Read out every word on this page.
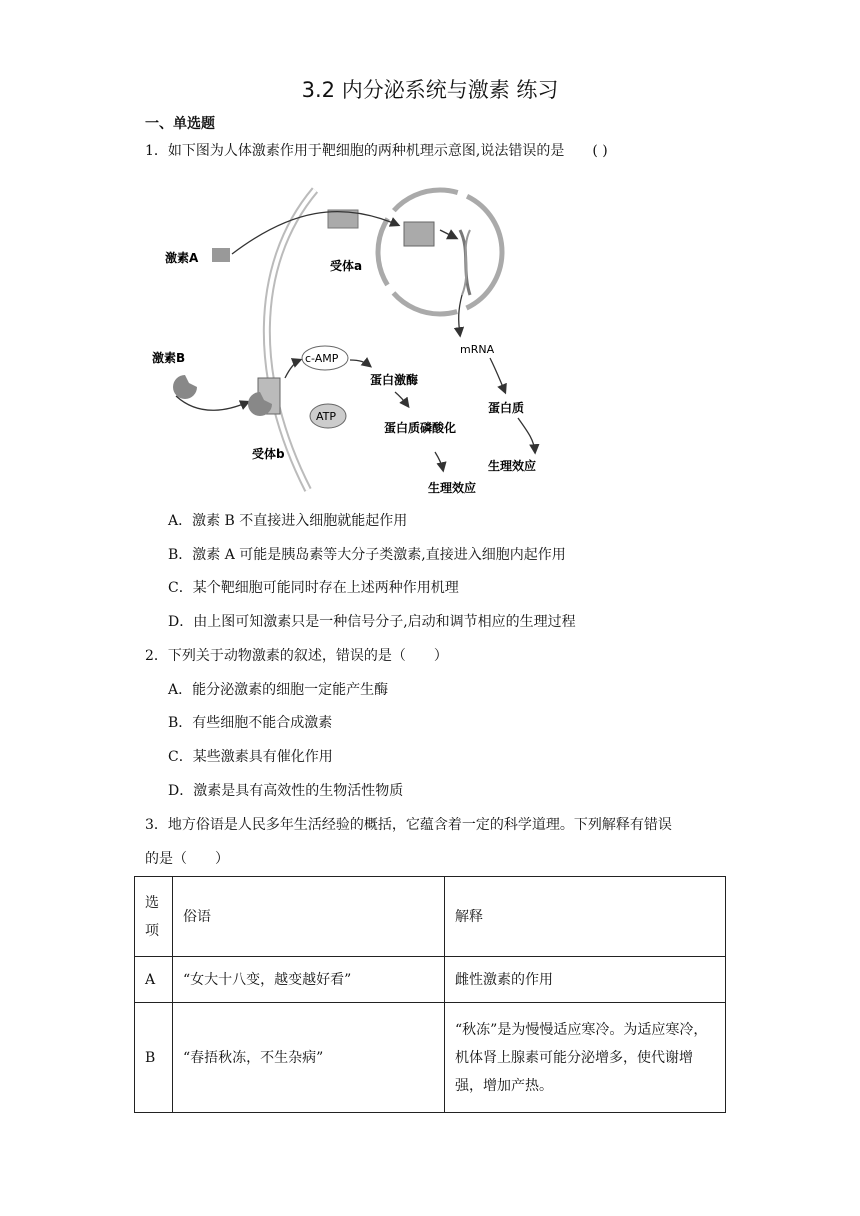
3.2 内分泌系统与激素 练习
一、单选题
1．如下图为人体激素作用于靶细胞的两种机理示意图,说法错误的是　　( )
激素A
受体a
mRNA
蛋白质
生理效应
激素B
受体b
c-AMP
ATP
蛋白激酶
蛋白质磷酸化
生理效应
A．激素 B 不直接进入细胞就能起作用
B．激素 A 可能是胰岛素等大分子类激素,直接进入细胞内起作用
C．某个靶细胞可能同时存在上述两种作用机理
D．由上图可知激素只是一种信号分子,启动和调节相应的生理过程
2．下列关于动物激素的叙述，错误的是（　　）
A．能分泌激素的细胞一定能产生酶
B．有些细胞不能合成激素
C．某些激素具有催化作用
D．激素是具有高效性的生物活性物质
3．地方俗语是人民多年生活经验的概括，它蕴含着一定的科学道理。下列解释有错误
的是（　　）
选
项	俗语	解释
A	“女大十八变，越变越好看”	雌性激素的作用
B	“春捂秋冻，不生杂病”	“秋冻”是为慢慢适应寒冷。为适应寒冷，机体肾上腺素可能分泌增多，使代谢增强，增加产热。
